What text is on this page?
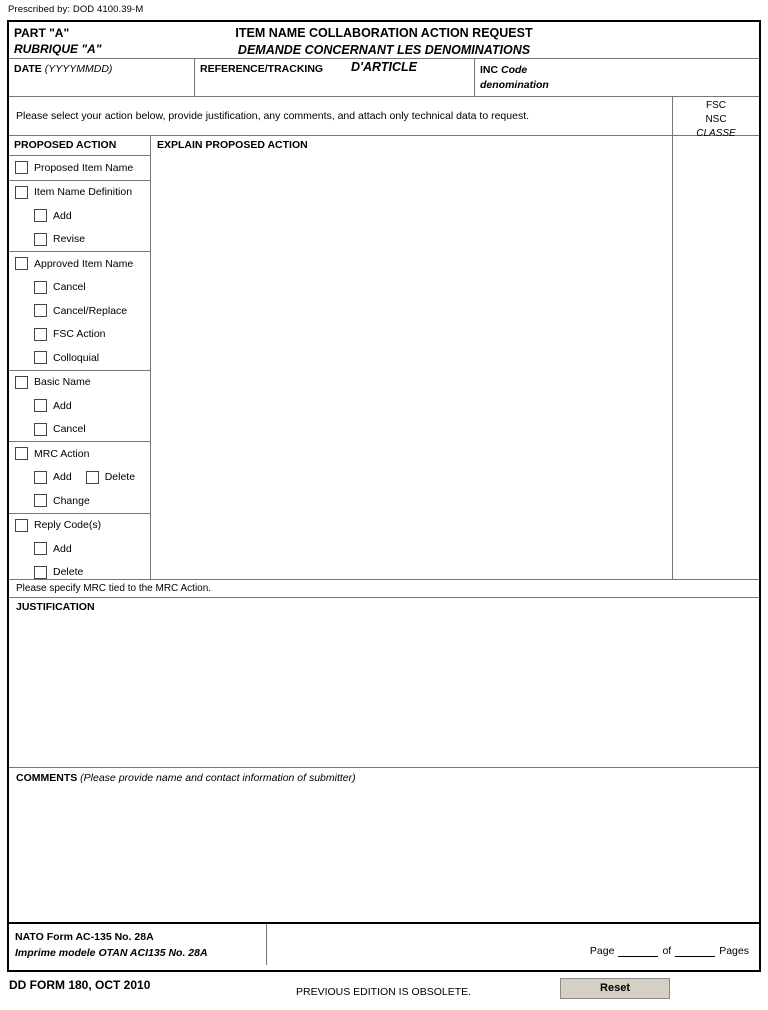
Prescribed by: DOD 4100.39-M
PART "A"
RUBRIQUE "A"
ITEM NAME COLLABORATION ACTION REQUEST
DEMANDE CONCERNANT LES DENOMINATIONS D'ARTICLE
DATE (YYYYMMDD)	REFERENCE/TRACKING	INC Code
denomination
Please select your action below, provide justification, any comments, and attach only technical data to request.
FSC
NSC
CLASSE
PROPOSED ACTION
Proposed Item Name
Item Name Definition
Add
Revise
Approved Item Name
Cancel
Cancel/Replace
FSC Action
Colloquial
Basic Name
Add
Cancel
MRC Action
Add	Delete
Change
Reply Code(s)
Add
Delete
EXPLAIN PROPOSED ACTION
Please specify MRC tied to the MRC Action.
JUSTIFICATION
COMMENTS (Please provide name and contact information of submitter)
NATO Form AC-135 No. 28A
Imprime modele OTAN ACI135 No. 28A	Page	of	Pages
DD FORM 180, OCT 2010	PREVIOUS EDITION IS OBSOLETE.	Reset
